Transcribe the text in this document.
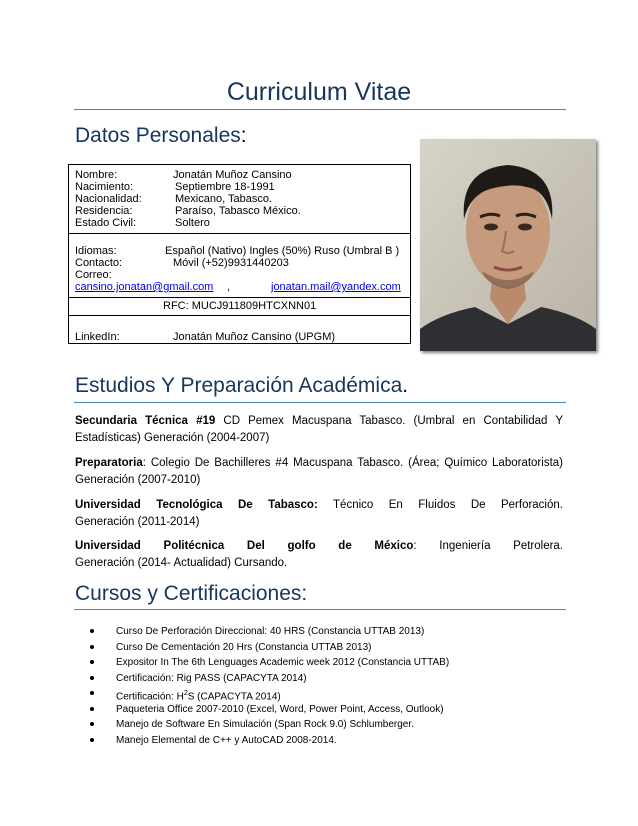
Curriculum Vitae
Datos Personales:
Nombre:	Jonatán Muñoz Cansino
Nacimiento:	Septiembre 18-1991
Nacionalidad:	Mexicano, Tabasco.
Residencia:	Paraíso, Tabasco México.
Estado Civil:	Soltero
Idiomas:	Español (Nativo) Ingles (50%) Ruso (Umbral B )
Contacto:	Móvil (+52)9931440203
Correo:
cansino.jonatan@gmail.com ,	jonatan.mail@yandex.com
RFC: MUCJ911809HTCXNN01
LinkedIn:	Jonatán Muñoz Cansino (UPGM)
Estudios Y Preparación Académica.
Secundaria Técnica #19 CD Pemex Macuspana Tabasco. (Umbral en Contabilidad Y
Estadísticas) Generación (2004-2007)
Preparatoria: Colegio De Bachilleres #4 Macuspana Tabasco. (Área; Químico Laboratorista)
Generación (2007-2010)
Universidad Tecnológica De Tabasco: Técnico En Fluidos De Perforación.
Generación (2011-2014)
Universidad Politécnica Del golfo de México: Ingeniería Petrolera.
Generación (2014- Actualidad) Cursando.
Cursos y Certificaciones:
Curso De Perforación Direccional: 40 HRS (Constancia UTTAB 2013)
Curso De Cementación 20 Hrs (Constancia UTTAB 2013)
Expositor In The 6th Lenguages Academic week 2012 (Constancia UTTAB)
Certificación: Rig PASS (CAPACYTA 2014)
Certificación: $H^2S$ (CAPACYTA 2014)
Paqueteria Office 2007-2010 (Excel, Word, Power Point, Access, Outlook)
Manejo de Software En Simulación (Span Rock 9.0) Schlumberger.
Manejo Elemental de C++ y AutoCAD 2008-2014.
